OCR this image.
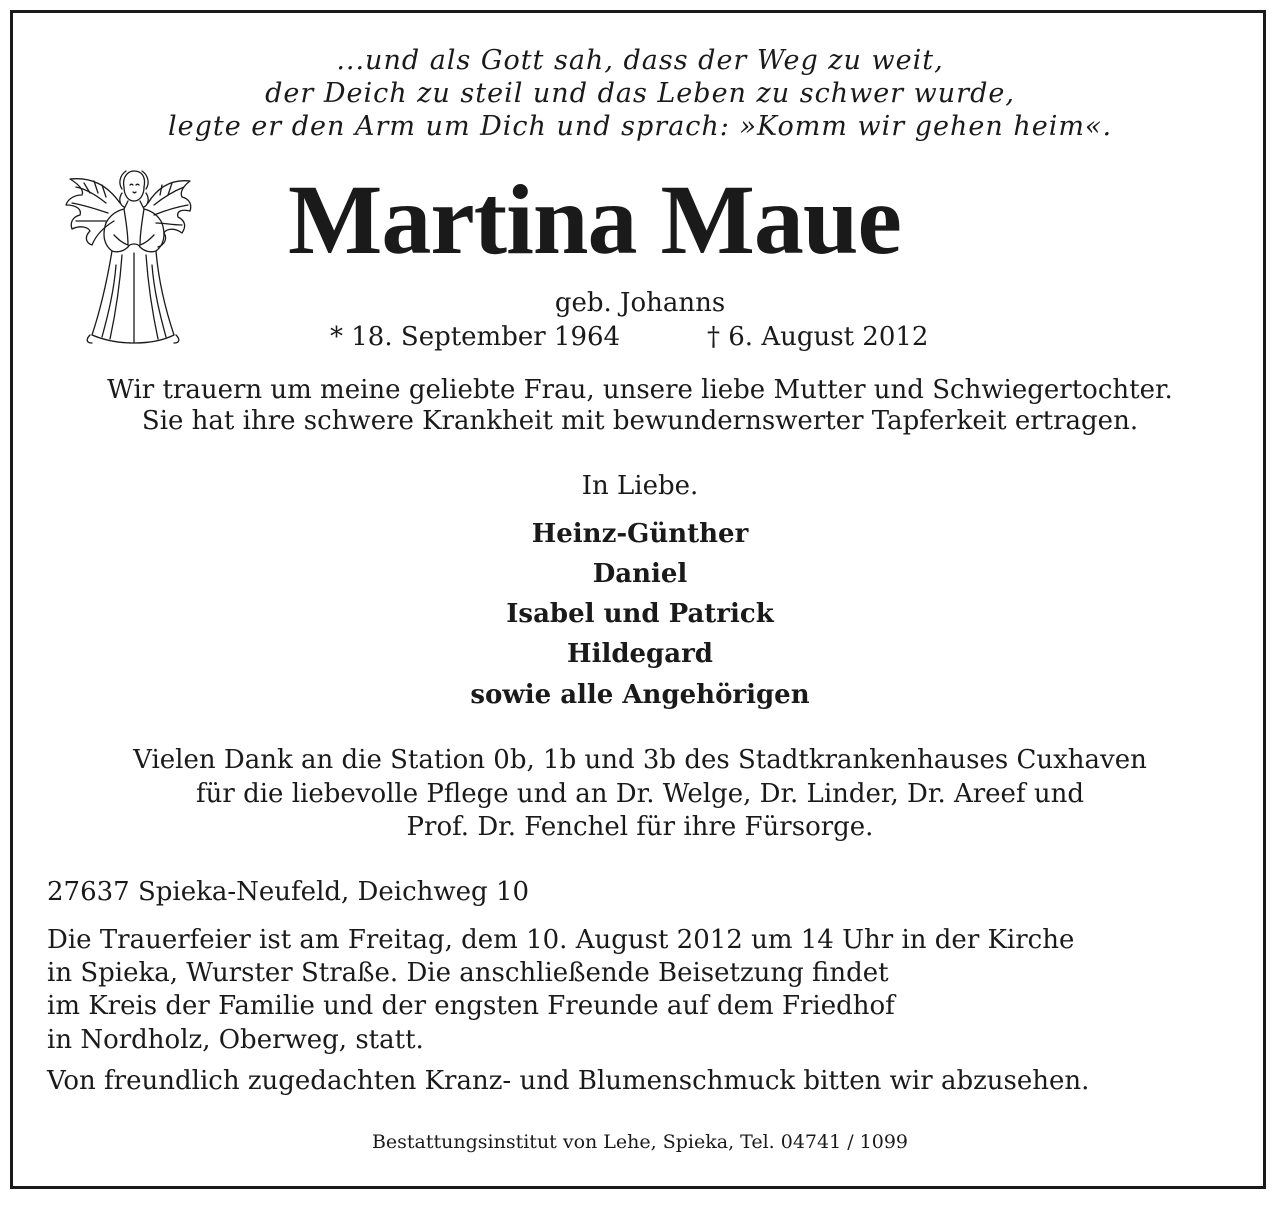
...und als Gott sah, dass der Weg zu weit,
der Deich zu steil und das Leben zu schwer wurde,
legte er den Arm um Dich und sprach: »Komm wir gehen heim«.
Martina Maue
geb. Johanns
* 18. September 1964	† 6. August 2012
Wir trauern um meine geliebte Frau, unsere liebe Mutter und Schwiegertochter.
Sie hat ihre schwere Krankheit mit bewundernswerter Tapferkeit ertragen.
In Liebe.
Heinz-Günther
Daniel
Isabel und Patrick
Hildegard
sowie alle Angehörigen
Vielen Dank an die Station 0b, 1b und 3b des Stadtkrankenhauses Cuxhaven
für die liebevolle Pflege und an Dr. Welge, Dr. Linder, Dr. Areef und
Prof. Dr. Fenchel für ihre Fürsorge.
27637 Spieka-Neufeld, Deichweg 10
Die Trauerfeier ist am Freitag, dem 10. August 2012 um 14 Uhr in der Kirche
in Spieka, Wurster Straße. Die anschließende Beisetzung findet
im Kreis der Familie und der engsten Freunde auf dem Friedhof
in Nordholz, Oberweg, statt.
Von freundlich zugedachten Kranz- und Blumenschmuck bitten wir abzusehen.
Bestattungsinstitut von Lehe, Spieka, Tel. 04741 / 1099
